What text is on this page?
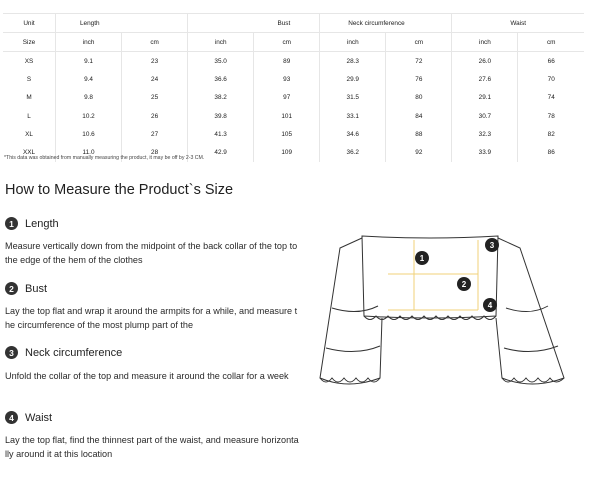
Unit	Length		Bust		Neck circumference		Waist	
Size	inch	cm	inch	cm	inch	cm	inch	cm
XS	9.1	23	35.0	89	28.3	72	26.0	66
S	9.4	24	36.6	93	29.9	76	27.6	70
M	9.8	25	38.2	97	31.5	80	29.1	74
L	10.2	26	39.8	101	33.1	84	30.7	78
XL	10.6	27	41.3	105	34.6	88	32.3	82
XXL	11.0	28	42.9	109	36.2	92	33.9	86
*This data was obtained from manually measuring the product, it may be off by 2-3 CM.
How to Measure the Product`s Size
1	Length
Measure vertically down from the midpoint of the back collar of the top to the edge of the hem of the clothes
2	Bust
Lay the top flat and wrap it around the armpits for a while, and measure the circumference of the most plump part of the
3	Neck circumference
Unfold the collar of the top and measure it around the collar for a week
4	Waist
Lay the top flat, find the thinnest part of the waist, and measure horizontally around it at this location
1
2
3
4
